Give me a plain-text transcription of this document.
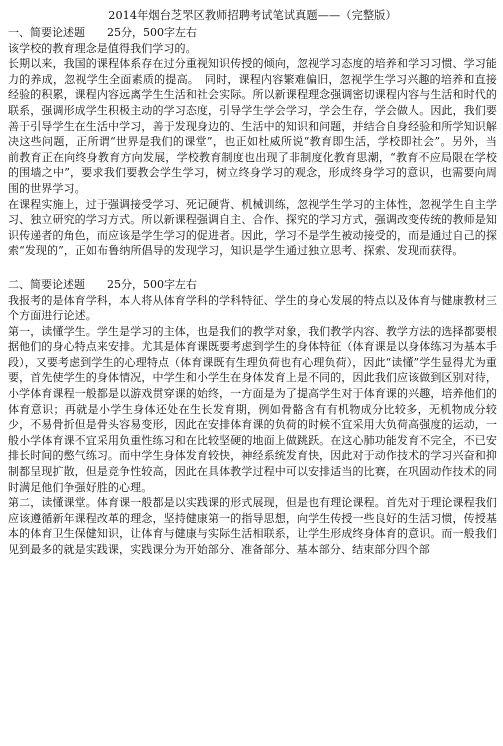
2014年烟台芝罘区教师招聘考试笔试真题——（完整版）
一、简要论述题　　25分，500字左右
该学校的教育理念是值得我们学习的。
长期以来，我国的课程体系存在过分重视知识传授的倾向，忽视学习态度的培养和学习习惯、学习能力的养成，忽视学生全面素质的提高。　同时，课程内容繁难偏旧，忽视学生学习兴趣的培养和直接经验的积累，课程内容远离学生生活和社会实际。所以新课程理念强调密切课程内容与生活和时代的联系，强调形成学生积极主动的学习态度，引导学生学会学习，学会生存，学会做人。因此，我们要善于引导学生在生活中学习，善于发现身边的、生活中的知识和问题，并结合自身经验和所学知识解决这些问题，正所谓“世界是我们的课堂”，也正如杜威所说“教育即生活，学校即社会”。另外，当前教育正在向终身教育方向发展，学校教育制度也出现了非制度化教育思潮，“教育不应局限在学校的围墙之中”，要求我们要教会学生学习，树立终身学习的观念，形成终身学习的意识，也需要向周围的世界学习。
在课程实施上，过于强调接受学习、死记硬背、机械训练，忽视学生学习的主体性，忽视学生自主学习、独立研究的学习方式。所以新课程强调自主、合作、探究的学习方式，强调改变传统的教师是知识传递者的角色，而应该是学生学习的促进者。因此，学习不是学生被动接受的，而是通过自己的探索“发现的”，正如布鲁纳所倡导的发现学习，知识是学生通过独立思考、探索、发现而获得。
二、简要论述题　　25分，500字左右
我报考的是体育学科，本人将从体育学科的学科特征、学生的身心发展的特点以及体育与健康教材三个方面进行论述。
第一，读懂学生。学生是学习的主体，也是我们的教学对象，我们教学内容、教学方法的选择都要根据他们的身心特点来安排。尤其是体育课既要考虑到学生的身体特征（体育课是以身体练习为基本手段），又要考虑到学生的心理特点（体育课既有生理负荷也有心理负荷），因此“读懂”学生显得尤为重要，首先使学生的身体情况，中学生和小学生在身体发育上是不同的，因此我们应该做到区别对待，小学体育课程一般都是以游戏贯穿课的始终，一方面是为了提高学生对于体育课的兴趣，培养他们的体育意识；再就是小学生身体还处在生长发育期，例如骨骼含有有机物成分比较多，无机物成分较少，不易骨折但是骨头容易变形，因此在安排体育课的负荷的时候不宜采用大负荷高强度的运动，一般小学体育课不宜采用负重性练习和在比较坚硬的地面上做跳跃。在这心肺功能发育不完全，不已安排长时间的憋气练习。而中学生身体发育较快，神经系统发育快，因此对于动作技术的学习兴奋和抑制都呈现扩散，但是竞争性较高，因此在具体教学过程中可以安排适当的比赛，在巩固动作技术的同时满足他们争强好胜的心理。
第二，读懂课堂。体育课一般都是以实践课的形式展现，但是也有理论课程。首先对于理论课程我们应该遵循新年课程改革的理念，坚持健康第一的指导思想，向学生传授一些良好的生活习惯，传授基本的体育卫生保健知识，让体育与健康与实际生活相联系，让学生形成终身体育的意识。而一般我们见到最多的就是实践课，实践课分为开始部分、准备部分、基本部分、结束部分四个部
